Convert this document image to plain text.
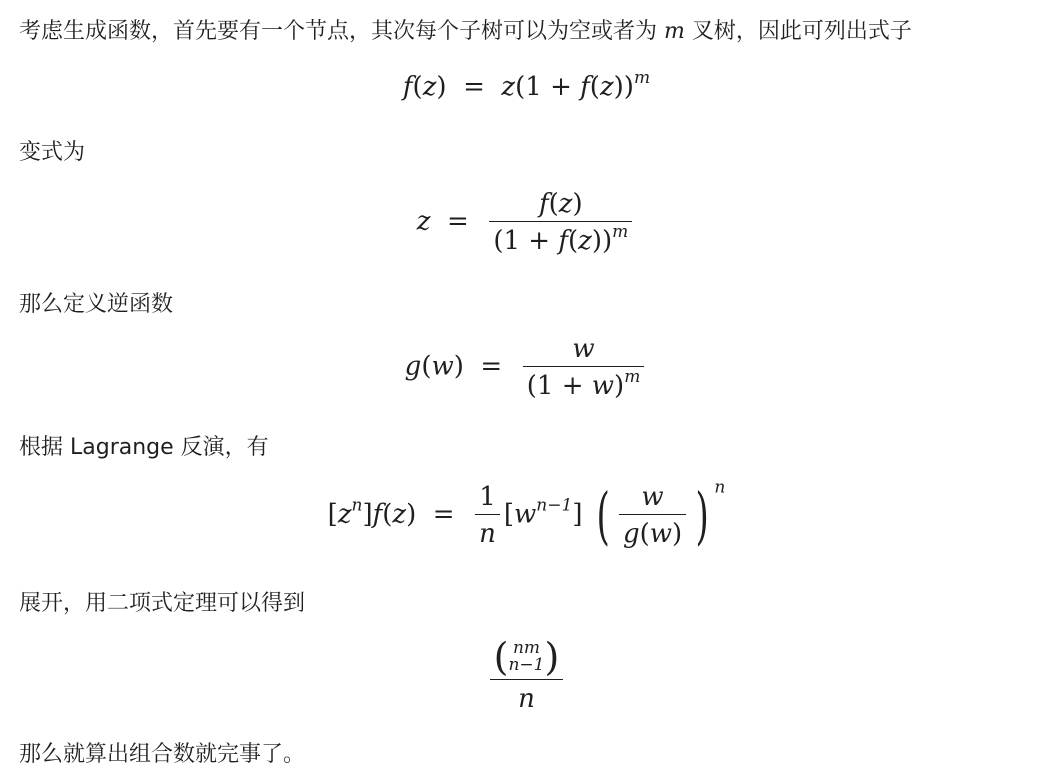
考虑生成函数，首先要有一个节点，其次每个子树可以为空或者为 m 叉树，因此可列出式子
$f(z) = z(1 + f(z))^m$
变式为
$z = \frac{f(z)}{(1 + f(z))^m}$
那么定义逆函数
$g(w) = \frac{w}{(1 + w)^m}$
根据 Lagrange 反演，有
$[z^n]f(z) = \frac{1}{n} [w^{n-1}]$ ( $\frac{w}{g(w)}$ ) $^n$
展开，用二项式定理可以得到
( nm
n−1 )
n
那么就算出组合数就完事了。
